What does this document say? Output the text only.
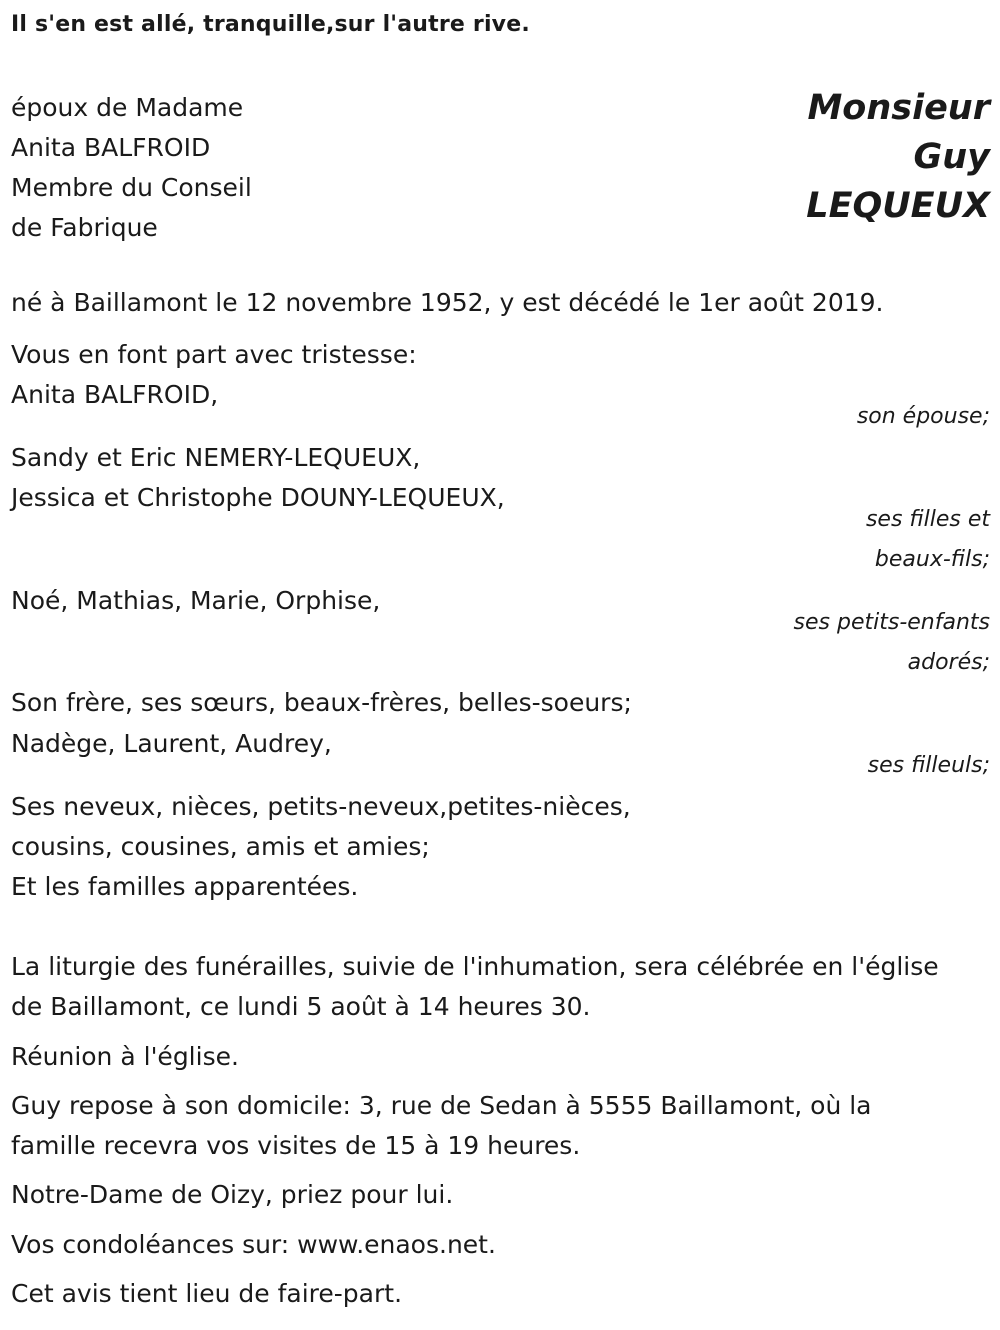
Il s'en est allé, tranquille,sur l'autre rive.
époux de Madame
Anita BALFROID
Membre du Conseil
de Fabrique
Monsieur
Guy
LEQUEUX
né à Baillamont le 12 novembre 1952, y est décédé le 1er août 2019.
Vous en font part avec tristesse:
Anita BALFROID,
son épouse;
Sandy et Eric NEMERY-LEQUEUX,
Jessica et Christophe DOUNY-LEQUEUX,
ses filles et
beaux-fils;
Noé, Mathias, Marie, Orphise,
ses petits-enfants
adorés;
Son frère, ses sœurs, beaux-frères, belles-soeurs;
Nadège, Laurent, Audrey,
ses filleuls;
Ses neveux, nièces, petits-neveux,petites-nièces,
cousins, cousines, amis et amies;
Et les familles apparentées.
La liturgie des funérailles, suivie de l'inhumation, sera célébrée en l'église
de Baillamont, ce lundi 5 août à 14 heures 30.
Réunion à l'église.
Guy repose à son domicile: 3, rue de Sedan à 5555 Baillamont, où la
famille recevra vos visites de 15 à 19 heures.
Notre-Dame de Oizy, priez pour lui.
Vos condoléances sur: www.enaos.net.
Cet avis tient lieu de faire-part.
